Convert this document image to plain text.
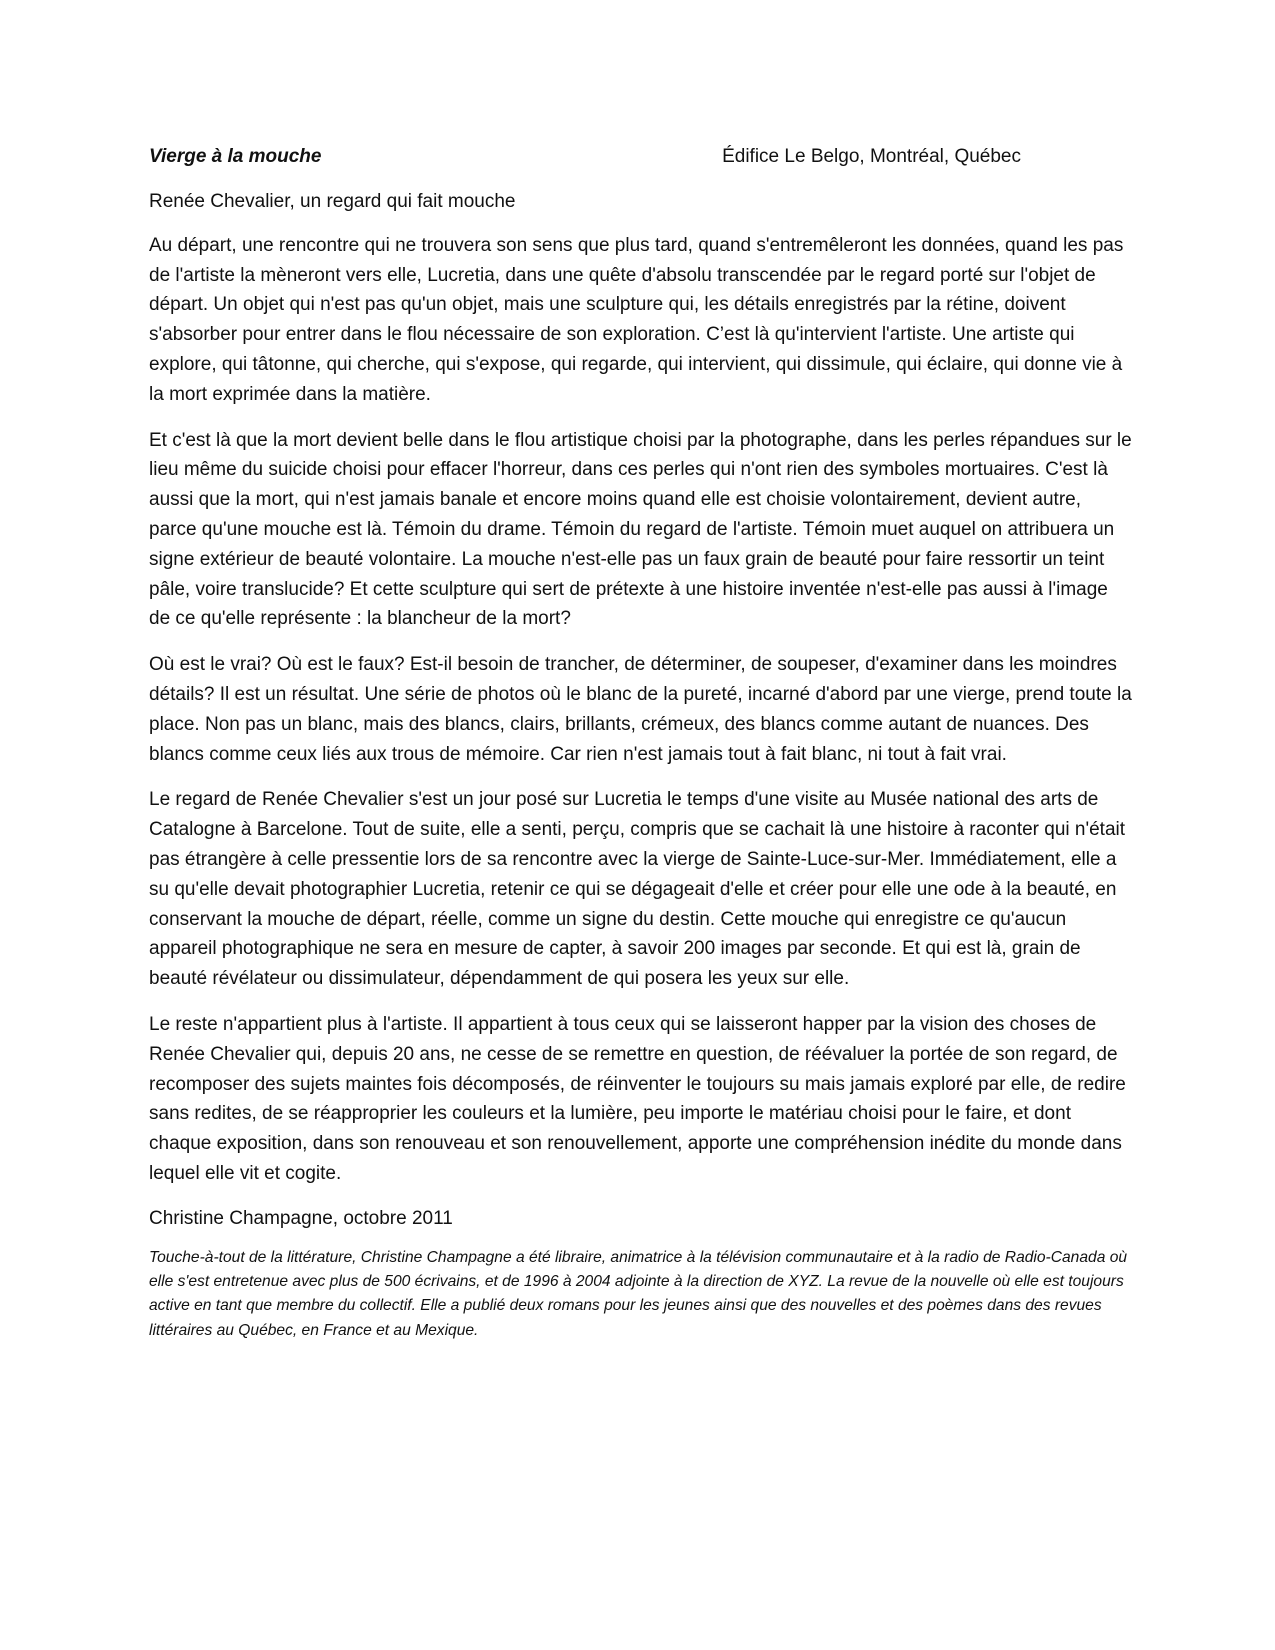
Vierge à la mouche	Édifice Le Belgo, Montréal, Québec
Renée Chevalier, un regard qui fait mouche

Au départ, une rencontre qui ne trouvera son sens que plus tard, quand s'entremêleront les données, quand les pas de l'artiste la mèneront vers elle, Lucretia, dans une quête d'absolu transcendée par le regard porté sur l'objet de départ. Un objet qui n'est pas qu'un objet, mais une sculpture qui, les détails enregistrés par la rétine, doivent s'absorber pour entrer dans le flou nécessaire de son exploration. C’est là qu'intervient l'artiste. Une artiste qui explore, qui tâtonne, qui cherche, qui s'expose, qui regarde, qui intervient, qui dissimule, qui éclaire, qui donne vie à la mort exprimée dans la matière.

Et c'est là que la mort devient belle dans le flou artistique choisi par la photographe, dans les perles répandues sur le lieu même du suicide choisi pour effacer l'horreur, dans ces perles qui n'ont rien des symboles mortuaires. C'est là aussi que la mort, qui n'est jamais banale et encore moins quand elle est choisie volontairement, devient autre, parce qu'une mouche est là. Témoin du drame. Témoin du regard de l'artiste. Témoin muet auquel on attribuera un signe extérieur de beauté volontaire. La mouche n'est-elle pas un faux grain de beauté pour faire ressortir un teint pâle, voire translucide? Et cette sculpture qui sert de prétexte à une histoire inventée n'est-elle pas aussi à l'image de ce qu'elle représente : la blancheur de la mort?

Où est le vrai? Où est le faux? Est-il besoin de trancher, de déterminer, de soupeser, d'examiner dans les moindres détails? Il est un résultat. Une série de photos où le blanc de la pureté, incarné d'abord par une vierge, prend toute la place. Non pas un blanc, mais des blancs, clairs, brillants, crémeux, des blancs comme autant de nuances. Des blancs comme ceux liés aux trous de mémoire. Car rien n'est jamais tout à fait blanc, ni tout à fait vrai.

Le regard de Renée Chevalier s'est un jour posé sur Lucretia le temps d'une visite au Musée national des arts de Catalogne à Barcelone. Tout de suite, elle a senti, perçu, compris que se cachait là une histoire à raconter qui n'était pas étrangère à celle pressentie lors de sa rencontre avec la vierge de Sainte-Luce-sur-Mer. Immédiatement, elle a su qu'elle devait photographier Lucretia, retenir ce qui se dégageait d'elle et créer pour elle une ode à la beauté, en conservant la mouche de départ, réelle, comme un signe du destin. Cette mouche qui enregistre ce qu'aucun appareil photographique ne sera en mesure de capter, à savoir 200 images par seconde. Et qui est là, grain de beauté révélateur ou dissimulateur, dépendamment de qui posera les yeux sur elle.

Le reste n'appartient plus à l'artiste. Il appartient à tous ceux qui se laisseront happer par la vision des choses de Renée Chevalier qui, depuis 20 ans, ne cesse de se remettre en question, de réévaluer la portée de son regard, de recomposer des sujets maintes fois décomposés, de réinventer le toujours su mais jamais exploré par elle, de redire sans redites, de se réapproprier les couleurs et la lumière, peu importe le matériau choisi pour le faire, et dont chaque exposition, dans son renouveau et son renouvellement, apporte une compréhension inédite du monde dans lequel elle vit et cogite.

Christine Champagne, octobre 2011
Touche-à-tout de la littérature, Christine Champagne a été libraire, animatrice à la télévision communautaire et à la radio de Radio-Canada où elle s'est entretenue avec plus de 500 écrivains, et de 1996 à 2004 adjointe à la direction de XYZ. La revue de la nouvelle où elle est toujours active en tant que membre du collectif. Elle a publié deux romans pour les jeunes ainsi que des nouvelles et des poèmes dans des revues littéraires au Québec, en France et au Mexique.
